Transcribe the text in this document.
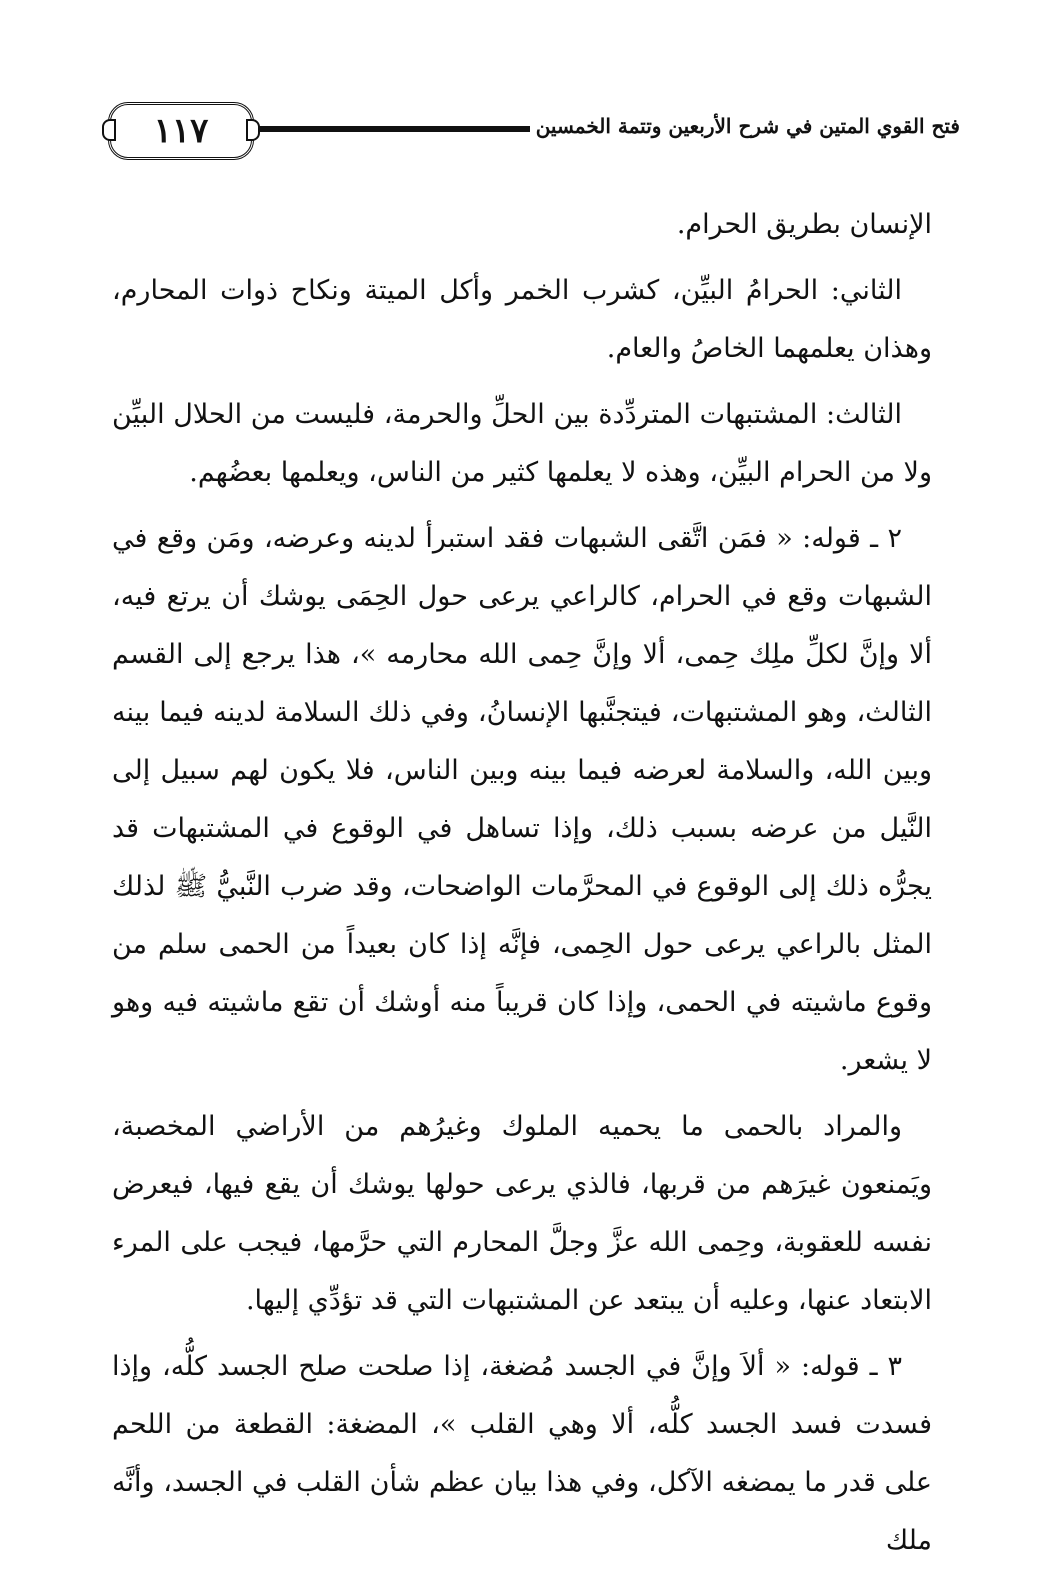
فتح القوي المتين في شرح الأربعين وتتمة الخمسين
١١٧

الإنسان بطريق الحرام.

الثاني: الحرامُ البيِّن، كشرب الخمر وأكل الميتة ونكاح ذوات المحارم، وهذان يعلمهما الخاصُ والعام.

الثالث: المشتبهات المتردِّدة بين الحلِّ والحرمة، فليست من الحلال البيِّن ولا من الحرام البيِّن، وهذه لا يعلمها كثير من الناس، ويعلمها بعضُهم.

٢ ـ قوله: « فمَن اتَّقى الشبهات فقد استبرأ لدينه وعرضه، ومَن وقع في الشبهات وقع في الحرام، كالراعي يرعى حول الحِمَى يوشك أن يرتع فيه، ألا وإنَّ لكلِّ ملِك حِمى، ألا وإنَّ حِمى الله محارمه »، هذا يرجع إلى القسم الثالث، وهو المشتبهات، فيتجنَّبها الإنسانُ، وفي ذلك السلامة لدينه فيما بينه وبين الله، والسلامة لعرضه فيما بينه وبين الناس، فلا يكون لهم سبيل إلى النَّيل من عرضه بسبب ذلك، وإذا تساهل في الوقوع في المشتبهات قد يجرُّه ذلك إلى الوقوع في المحرَّمات الواضحات، وقد ضرب النَّبيُّ ﷺ لذلك المثل بالراعي يرعى حول الحِمى، فإنَّه إذا كان بعيداً من الحمى سلم من وقوع ماشيته في الحمى، وإذا كان قريباً منه أوشك أن تقع ماشيته فيه وهو لا يشعر.

والمراد بالحمى ما يحميه الملوك وغيرُهم من الأراضي المخصبة، ويَمنعون غيرَهم من قربها، فالذي يرعى حولها يوشك أن يقع فيها، فيعرض نفسه للعقوبة، وحِمى الله عزَّ وجلَّ المحارم التي حرَّمها، فيجب على المرء الابتعاد عنها، وعليه أن يبتعد عن المشتبهات التي قد تؤدِّي إليها.

٣ ـ قوله: « ألاَ وإنَّ في الجسد مُضغة، إذا صلحت صلح الجسد كلُّه، وإذا فسدت فسد الجسد كلُّه، ألا وهي القلب »، المضغة: القطعة من اللحم على قدر ما يمضغه الآكل، وفي هذا بيان عظم شأن القلب في الجسد، وأنَّه ملك
